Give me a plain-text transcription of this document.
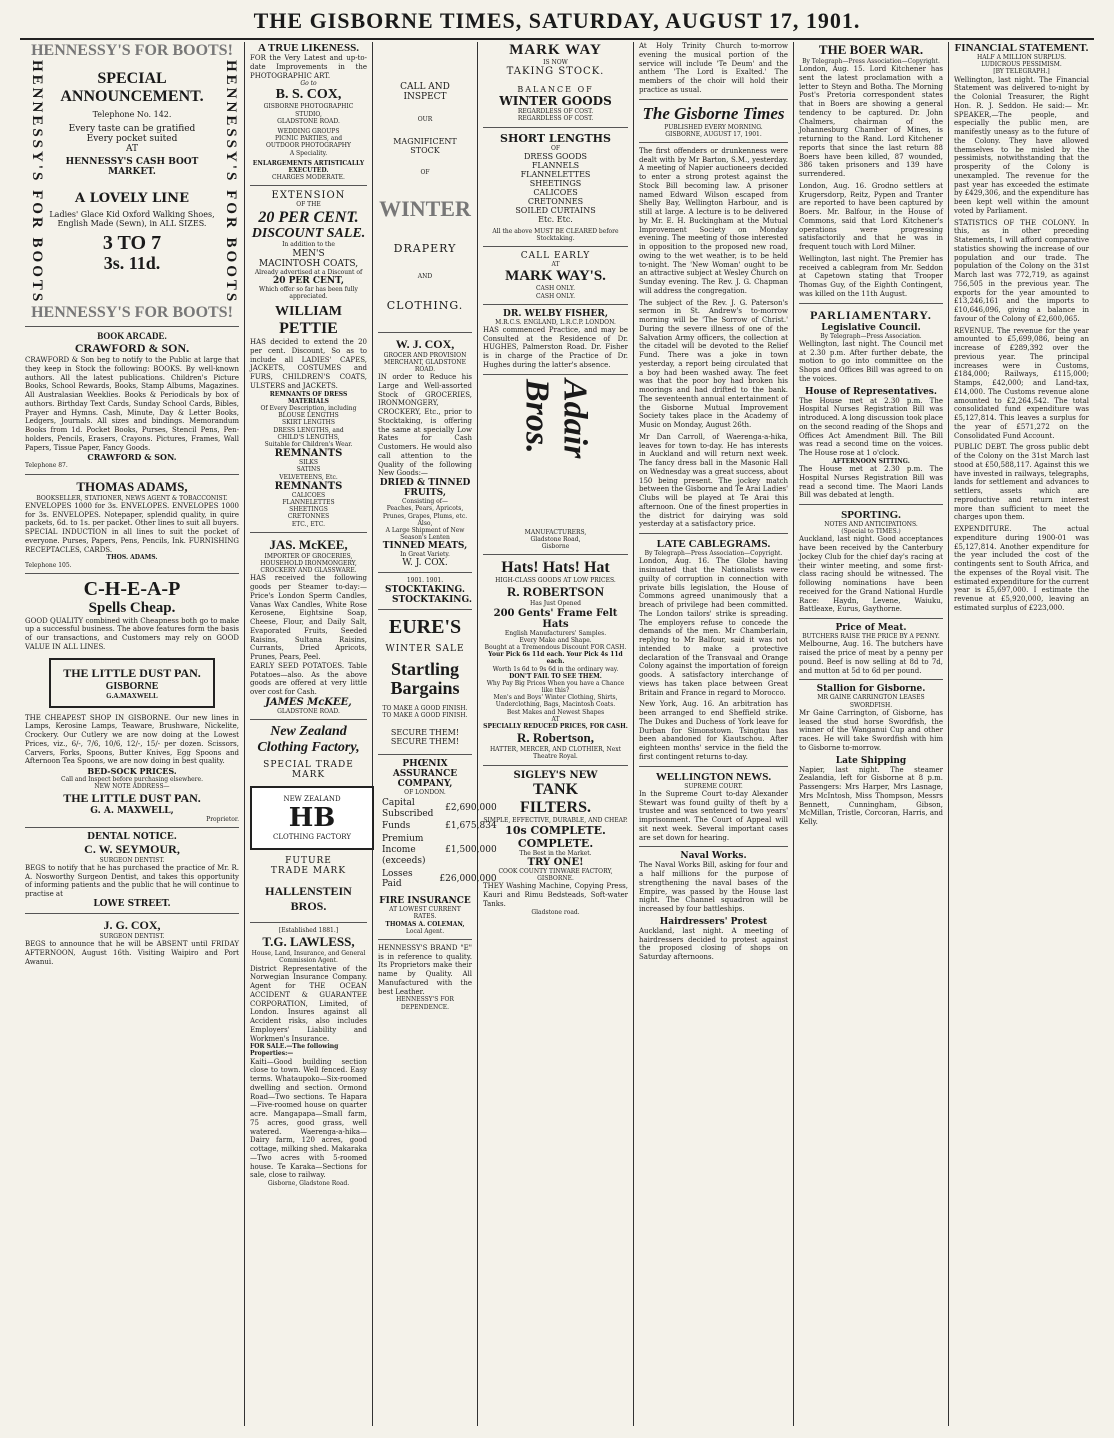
THE GISBORNE TIMES, SATURDAY, AUGUST 17, 1901.
HENNESSY'S FOR BOOTS!
HENNESSY'S FOR BOOTS	SPECIAL ANNOUNCEMENT.
Telephone No. 142.
Every taste can be gratified
Every pocket suited
AT
HENNESSY'S CASH BOOT MARKET.
A LOVELY LINE
Ladies' Glace Kid Oxford Walking Shoes,
English Made (Sewn), in ALL SIZES.
3 TO 7
3s. 11d.	HENNESSY'S FOR BOOTS
HENNESSY'S FOR BOOTS!
BOOK ARCADE.
CRAWFORD & SON.
CRAWFORD & Son beg to notify to the Public at large that they keep in Stock the following: BOOKS. By well-known authors. All the latest publications. Children's Picture Books, School Rewards, Books, Stamp Albums, Magazines. All Australasian Weeklies. Books & Periodicals by box of authors. Birthday Text Cards, Sunday School Cards, Bibles, Prayer and Hymns. Cash, Minute, Day & Letter Books, Ledgers, Journals. All sizes and bindings. Memorandum Books from 1d. Pocket Books, Purses, Stencil Pens, Pen-holders, Pencils, Erasers, Crayons. Pictures, Frames, Wall Papers, Tissue Paper, Fancy Goods.
CRAWFORD & SON.
Telephone 87.
THOMAS ADAMS,
BOOKSELLER, STATIONER, NEWS AGENT & TOBACCONIST.
ENVELOPES 1000 for 3s. ENVELOPES. ENVELOPES 1000 for 3s. ENVELOPES. Notepaper, splendid quality, in quire packets, 6d. to 1s. per packet. Other lines to suit all buyers. SPECIAL INDUCTION in all lines to suit the pocket of everyone. Purses, Papers, Pens, Pencils, Ink. FURNISHING RECEPTACLES, CARDS.
THOS. ADAMS.
Telephone 105.
C-H-E-A-P
Spells Cheap.
GOOD QUALITY combined with Cheapness both go to make up a successful business. The above features form the basis of our transactions, and Customers may rely on GOOD VALUE IN ALL LINES.
THE LITTLE DUST PAN.
GISBORNE
G.A.MAXWELL
THE CHEAPEST SHOP IN GISBORNE. Our new lines in Lamps, Kerosine Lamps, Teaware, Brushware, Nickelite, Crockery. Our Cutlery we are now doing at the Lowest Prices, viz., 6/-, 7/6, 10/6, 12/-, 15/- per dozen. Scissors, Carvers, Forks, Spoons, Butter Knives, Egg Spoons and Afternoon Tea Spoons, we are now doing in best quality.
BED-SOCK PRICES.
Call and Inspect before purchasing elsewhere.
NEW NOTE ADDRESS—
THE LITTLE DUST PAN.
G. A. MAXWELL,
Proprietor.
DENTAL NOTICE.
C. W. SEYMOUR,
SURGEON DENTIST.
BEGS to notify that he has purchased the practice of Mr. R. A. Nosworthy Surgeon Dentist, and takes this opportunity of informing patients and the public that he will continue to practise at
LOWE STREET.
J. G. COX,
SURGEON DENTIST.
BEGS to announce that he will be ABSENT until FRIDAY AFTERNOON, August 16th. Visiting Waipiro and Port Awanui.
A TRUE LIKENESS.
FOR the Very Latest and up-to-date Improvements in the PHOTOGRAPHIC ART.
Go to
B. S. COX,
GISBORNE PHOTOGRAPHIC STUDIO,
GLADSTONE ROAD.
WEDDING GROUPS
PICNIC PARTIES, and
OUTDOOR PHOTOGRAPHY
A Speciality.
ENLARGEMENTS ARTISTICALLY EXECUTED.
CHARGES MODERATE.
EXTENSION
OF THE
20 PER CENT.
DISCOUNT SALE.
In addition to the
MEN'S
MACINTOSH COATS,
Already advertised at a Discount of
20 PER CENT,
Which offer so far has been fully appreciated.
WILLIAM
PETTIE
HAS decided to extend the 20 per cent. Discount, So as to include all LADIES' CAPES, JACKETS, COSTUMES and FURS, CHILDREN'S COATS, ULSTERS and JACKETS.
REMNANTS OF DRESS MATERIALS
Of Every Description, including
BLOUSE LENGTHS
SKIRT LENGTHS
DRESS LENGTHS, and
CHILD'S LENGTHS,
Suitable for Children's Wear.
REMNANTS
SILKS
SATINS
VELVETEENS, Etc.
REMNANTS
CALICOES
FLANNELETTES
SHEETINGS
CRETONNES
ETC., ETC.
JAS. McKEE,
IMPORTER OF GROCERIES, HOUSEHOLD IRONMONGERY, CROCKERY AND GLASSWARE.
HAS received the following goods per Steamer to-day:— Price's London Sperm Candles, Vanas Wax Candles, White Rose Kerosene, Eightsine Soap, Cheese, Flour, and Daily Salt, Evaporated Fruits, Seeded Raisins, Sultana Raisins, Currants, Dried Apricots, Prunes, Pears, Peel.
EARLY SEED POTATOES. Table Potatoes—also. As the above goods are offered at very little over cost for Cash.
JAMES McKEE,
GLADSTONE ROAD.
New Zealand Clothing Factory,
SPECIAL TRADE
MARK
NEW ZEALAND
HB
CLOTHING FACTORY
FUTURE
TRADE MARK
HALLENSTEIN BROS.
[Established 1881.]
T.G. LAWLESS,
House, Land, Insurance, and General Commission Agent.
District Representative of the Norwegian Insurance Company. Agent for THE OCEAN ACCIDENT & GUARANTEE CORPORATION, Limited, of London. Insures against all Accident risks, also includes Employers' Liability and Workmen's Insurance.
FOR SALE.—The following Properties:—
Kaiti—Good building section close to town. Well fenced. Easy terms. Whataupoko—Six-roomed dwelling and section. Ormond Road—Two sections. Te Hapara—Five-roomed house on quarter acre. Mangapapa—Small farm, 75 acres, good grass, well watered. Waerenga-a-hika—Dairy farm, 120 acres, good cottage, milking shed. Makaraka—Two acres with 5-roomed house. Te Karaka—Sections for sale, close to railway.
Gisborne, Gladstone Road.
CALL AND INSPECT
OUR
MAGNIFICENT STOCK
OF
WINTER
DRAPERY
AND
CLOTHING.
W. J. COX,
GROCER AND PROVISION MERCHANT, GLADSTONE ROAD.
IN order to Reduce his Large and Well-assorted Stock of GROCERIES, IRONMONGERY, CROCKERY, Etc., prior to Stocktaking, is offering the same at specially Low Rates for Cash Customers. He would also call attention to the Quality of the following New Goods:—
DRIED & TINNED FRUITS,
Consisting of—
Peaches, Pears, Apricots, Prunes, Grapes, Plums, etc.
Also,
A Large Shipment of New Season's Lenten
TINNED MEATS,
In Great Variety.
W. J. COX.
1901. 1901.
STOCKTAKING.
STOCKTAKING.
EURE'S
WINTER SALE
Startling
Bargains
TO MAKE A GOOD FINISH.
TO MAKE A GOOD FINISH.
SECURE THEM! SECURE THEM!
PHŒNIX ASSURANCE COMPANY,
OF LONDON.
Capital Subscribed	£2,690,000
Funds	£1,675,834
Premium Income (exceeds)	£1,500,000
Losses Paid	£26,000,000
FIRE INSURANCE
AT LOWEST CURRENT RATES.
THOMAS A. COLEMAN,
Local Agent.
HENNESSY'S BRAND "E" is in reference to quality. Its Proprietors make their name by Quality. All Manufactured with the best Leather.
HENNESSY'S FOR DEPENDENCE.
MARK WAY
IS NOW
TAKING STOCK.
BALANCE OF
WINTER GOODS
REGARDLESS OF COST.
REGARDLESS OF COST.
SHORT LENGTHS
OF
DRESS GOODS
FLANNELS
FLANNELETTES
SHEETINGS
CALICOES
CRETONNES
SOILED CURTAINS
Etc. Etc.
All the above MUST BE CLEARED before Stocktaking.
CALL EARLY
AT
MARK WAY'S.
CASH ONLY.
CASH ONLY.
DR. WELBY FISHER,
M.R.C.S. ENGLAND, L.R.C.P. LONDON.
HAS commenced Practice, and may be Consulted at the Residence of Dr. HUGHES, Palmerston Road. Dr. Fisher is in charge of the Practice of Dr. Hughes during the latter's absence.
Adair Bros.
MANUFACTURERS,
Gladstone Road,
Gisborne
Hats! Hats! Hat
HIGH-CLASS GOODS AT LOW PRICES.
R. ROBERTSON
Has Just Opened
200 Gents' Frame Felt Hats
English Manufacturers' Samples.
Every Make and Shape.
Bought at a Tremendous Discount FOR CASH.
Your Pick 6s 11d each. Your Pick 4s 11d each.
Worth 1s 6d to 9s 6d in the ordinary way.
DON'T FAIL TO SEE THEM.
Why Pay Big Prices When you have a Chance like this?
Men's and Boys' Winter Clothing, Shirts, Underclothing, Bags, Macintosh Coats.
Best Makes and Newest Shapes
AT
SPECIALLY REDUCED PRICES, FOR CASH.
R. Robertson,
HATTER, MERCER, AND CLOTHIER, Next Theatre Royal.
SIGLEY'S NEW
TANK
FILTERS.
SIMPLE, EFFECTIVE, DURABLE, AND CHEAP.
10s COMPLETE. COMPLETE.
The Best in the Market.
TRY ONE!
COOK COUNTY TINWARE FACTORY, GISBORNE.
THEY Washing Machine, Copying Press, Kauri and Rimu Bedsteads, Soft-water Tanks.
Gladstone road.
At Holy Trinity Church to-morrow evening the musical portion of the service will include 'Te Deum' and the anthem 'The Lord is Exalted.' The members of the choir will hold their practice as usual.
The Gisborne Times
PUBLISHED EVERY MORNING.
GISBORNE, AUGUST 17, 1901.
The first offenders or drunkenness were dealt with by Mr Barton, S.M., yesterday. A meeting of Napier auctioneers decided to enter a strong protest against the Stock Bill becoming law. A prisoner named Edward Wilson escaped from Shelly Bay, Wellington Harbour, and is still at large. A lecture is to be delivered by Mr. E. H. Buckingham at the Mutual Improvement Society on Monday evening. The meeting of those interested in opposition to the proposed new road, owing to the wet weather, is to be held to-night. The 'New Woman' ought to be an attractive subject at Wesley Church on Sunday evening. The Rev. J. G. Chapman will address the congregation.
The subject of the Rev. J. G. Paterson's sermon in St. Andrew's to-morrow morning will be 'The Sorrow of Christ.' During the severe illness of one of the Salvation Army officers, the collection at the citadel will be devoted to the Relief Fund. There was a joke in town yesterday, a report being circulated that a boy had been washed away. The feet was that the poor boy had broken his moorings and had drifted to the bank. The seventeenth annual entertainment of the Gisborne Mutual Improvement Society takes place in the Academy of Music on Monday, August 26th.
Mr Dan Carroll, of Waerenga-a-hika, leaves for town to-day. He has interests in Auckland and will return next week. The fancy dress ball in the Masonic Hall on Wednesday was a great success, about 150 being present. The jockey match between the Gisborne and Te Arai Ladies' Clubs will be played at Te Arai this afternoon. One of the finest properties in the district for dairying was sold yesterday at a satisfactory price.
LATE CABLEGRAMS.
By Telegraph—Press Association—Copyright.
London, Aug. 16. The Globe having insinuated that the Nationalists were guilty of corruption in connection with private bills legislation, the House of Commons agreed unanimously that a breach of privilege had been committed. The London tailors' strike is spreading. The employers refuse to concede the demands of the men. Mr Chamberlain, replying to Mr Balfour, said it was not intended to make a protective declaration of the Transvaal and Orange Colony against the importation of foreign goods. A satisfactory interchange of views has taken place between Great Britain and France in regard to Morocco.
New York, Aug. 16. An arbitration has been arranged to end Sheffield strike. The Dukes and Duchess of York leave for Durban for Simonstown. Tsingtau has been abandoned for Kiautschou. After eighteen months' service in the field the first contingent returns to-day.
WELLINGTON NEWS.
SUPREME COURT.
In the Supreme Court to-day Alexander Stewart was found guilty of theft by a trustee and was sentenced to two years' imprisonment. The Court of Appeal will sit next week. Several important cases are set down for hearing.
Naval Works.
The Naval Works Bill, asking for four and a half millions for the purpose of strengthening the naval bases of the Empire, was passed by the House last night. The Channel squadron will be increased by four battleships.
Hairdressers' Protest
Auckland, last night. A meeting of hairdressers decided to protest against the proposed closing of shops on Saturday afternoons.
THE BOER WAR.
By Telegraph—Press Association—Copyright.
London, Aug. 15. Lord Kitchener has sent the latest proclamation with a letter to Steyn and Botha. The Morning Post's Pretoria correspondent states that in Boers are showing a general tendency to be captured. Dr. John Chalmers, chairman of the Johannesburg Chamber of Mines, is returning to the Rand. Lord Kitchener reports that since the last return 88 Boers have been killed, 87 wounded, 386 taken prisoners and 139 have surrendered.
London, Aug. 16. Grodno settlers at Krugersdorp, Reitz, Pypen and Tranter are reported to have been captured by Boers. Mr. Balfour, in the House of Commons, said that Lord Kitchener's operations were progressing satisfactorily and that he was in frequent touch with Lord Milner.
Wellington, last night. The Premier has received a cablegram from Mr. Seddon at Capetown stating that Trooper Thomas Guy, of the Eighth Contingent, was killed on the 11th August.
PARLIAMENTARY.
Legislative Council.
By Telegraph—Press Association.
Wellington, last night. The Council met at 2.30 p.m. After further debate, the motion to go into committee on the Shops and Offices Bill was agreed to on the voices.
House of Representatives.
The House met at 2.30 p.m. The Hospital Nurses Registration Bill was introduced. A long discussion took place on the second reading of the Shops and Offices Act Amendment Bill. The Bill was read a second time on the voices. The House rose at 1 o'clock.
AFTERNOON SITTING.
The House met at 2.30 p.m. The Hospital Nurses Registration Bill was read a second time. The Maori Lands Bill was debated at length.
SPORTING.
NOTES AND ANTICIPATIONS.
(Special to TIMES.)
Auckland, last night. Good acceptances have been received by the Canterbury Jockey Club for the chief day's racing at their winter meeting, and some first-class racing should be witnessed. The following nominations have been received for the Grand National Hurdle Race: Haydn, Levene, Waiuku, Battleaxe, Eurus, Gaythorne.
Price of Meat.
BUTCHERS RAISE THE PRICE BY A PENNY.
Melbourne, Aug. 16. The butchers have raised the price of meat by a penny per pound. Beef is now selling at 8d to 7d, and mutton at 5d to 6d per pound.
Stallion for Gisborne.
MR GAINE CARRINGTON LEASES SWORDFISH.
Mr Gaine Carrington, of Gisborne, has leased the stud horse Swordfish, the winner of the Wanganui Cup and other races. He will take Swordfish with him to Gisborne to-morrow.
Late Shipping
Napier, last night. The steamer Zealandia, left for Gisborne at 8 p.m. Passengers: Mrs Harper, Mrs Lasnage, Mrs McIntosh, Miss Thompson, Messrs Bennett, Cunningham, Gibson, McMillan, Tristle, Corcoran, Harris, and Kelly.
FINANCIAL STATEMENT.
HALF A MILLION SURPLUS.
LUDICROUS PESSIMISM.
[BY TELEGRAPH.]
Wellington, last night. The Financial Statement was delivered to-night by the Colonial Treasurer, the Right Hon. R. J. Seddon. He said:— Mr. SPEAKER,—The people, and especially the public men, are manifestly uneasy as to the future of the Colony. They have allowed themselves to be misled by the pessimists, notwithstanding that the prosperity of the Colony is unexampled. The revenue for the past year has exceeded the estimate by £429,306, and the expenditure has been kept well within the amount voted by Parliament.
STATISTICS OF THE COLONY. In this, as in other preceding Statements, I will afford comparative statistics showing the increase of our population and our trade. The population of the Colony on the 31st March last was 772,719, as against 756,505 in the previous year. The exports for the year amounted to £13,246,161 and the imports to £10,646,096, giving a balance in favour of the Colony of £2,600,065.
REVENUE. The revenue for the year amounted to £5,699,086, being an increase of £289,392 over the previous year. The principal increases were in Customs, £184,000; Railways, £115,000; Stamps, £42,000; and Land-tax, £14,000. The Customs revenue alone amounted to £2,264,542. The total consolidated fund expenditure was £5,127,814. This leaves a surplus for the year of £571,272 on the Consolidated Fund Account.
PUBLIC DEBT. The gross public debt of the Colony on the 31st March last stood at £50,588,117. Against this we have invested in railways, telegraphs, lands for settlement and advances to settlers, assets which are reproductive and return interest more than sufficient to meet the charges upon them.
EXPENDITURE. The actual expenditure during 1900-01 was £5,127,814. Another expenditure for the year included the cost of the contingents sent to South Africa, and the expenses of the Royal visit. The estimated expenditure for the current year is £5,697,000. I estimate the revenue at £5,920,000, leaving an estimated surplus of £223,000.
